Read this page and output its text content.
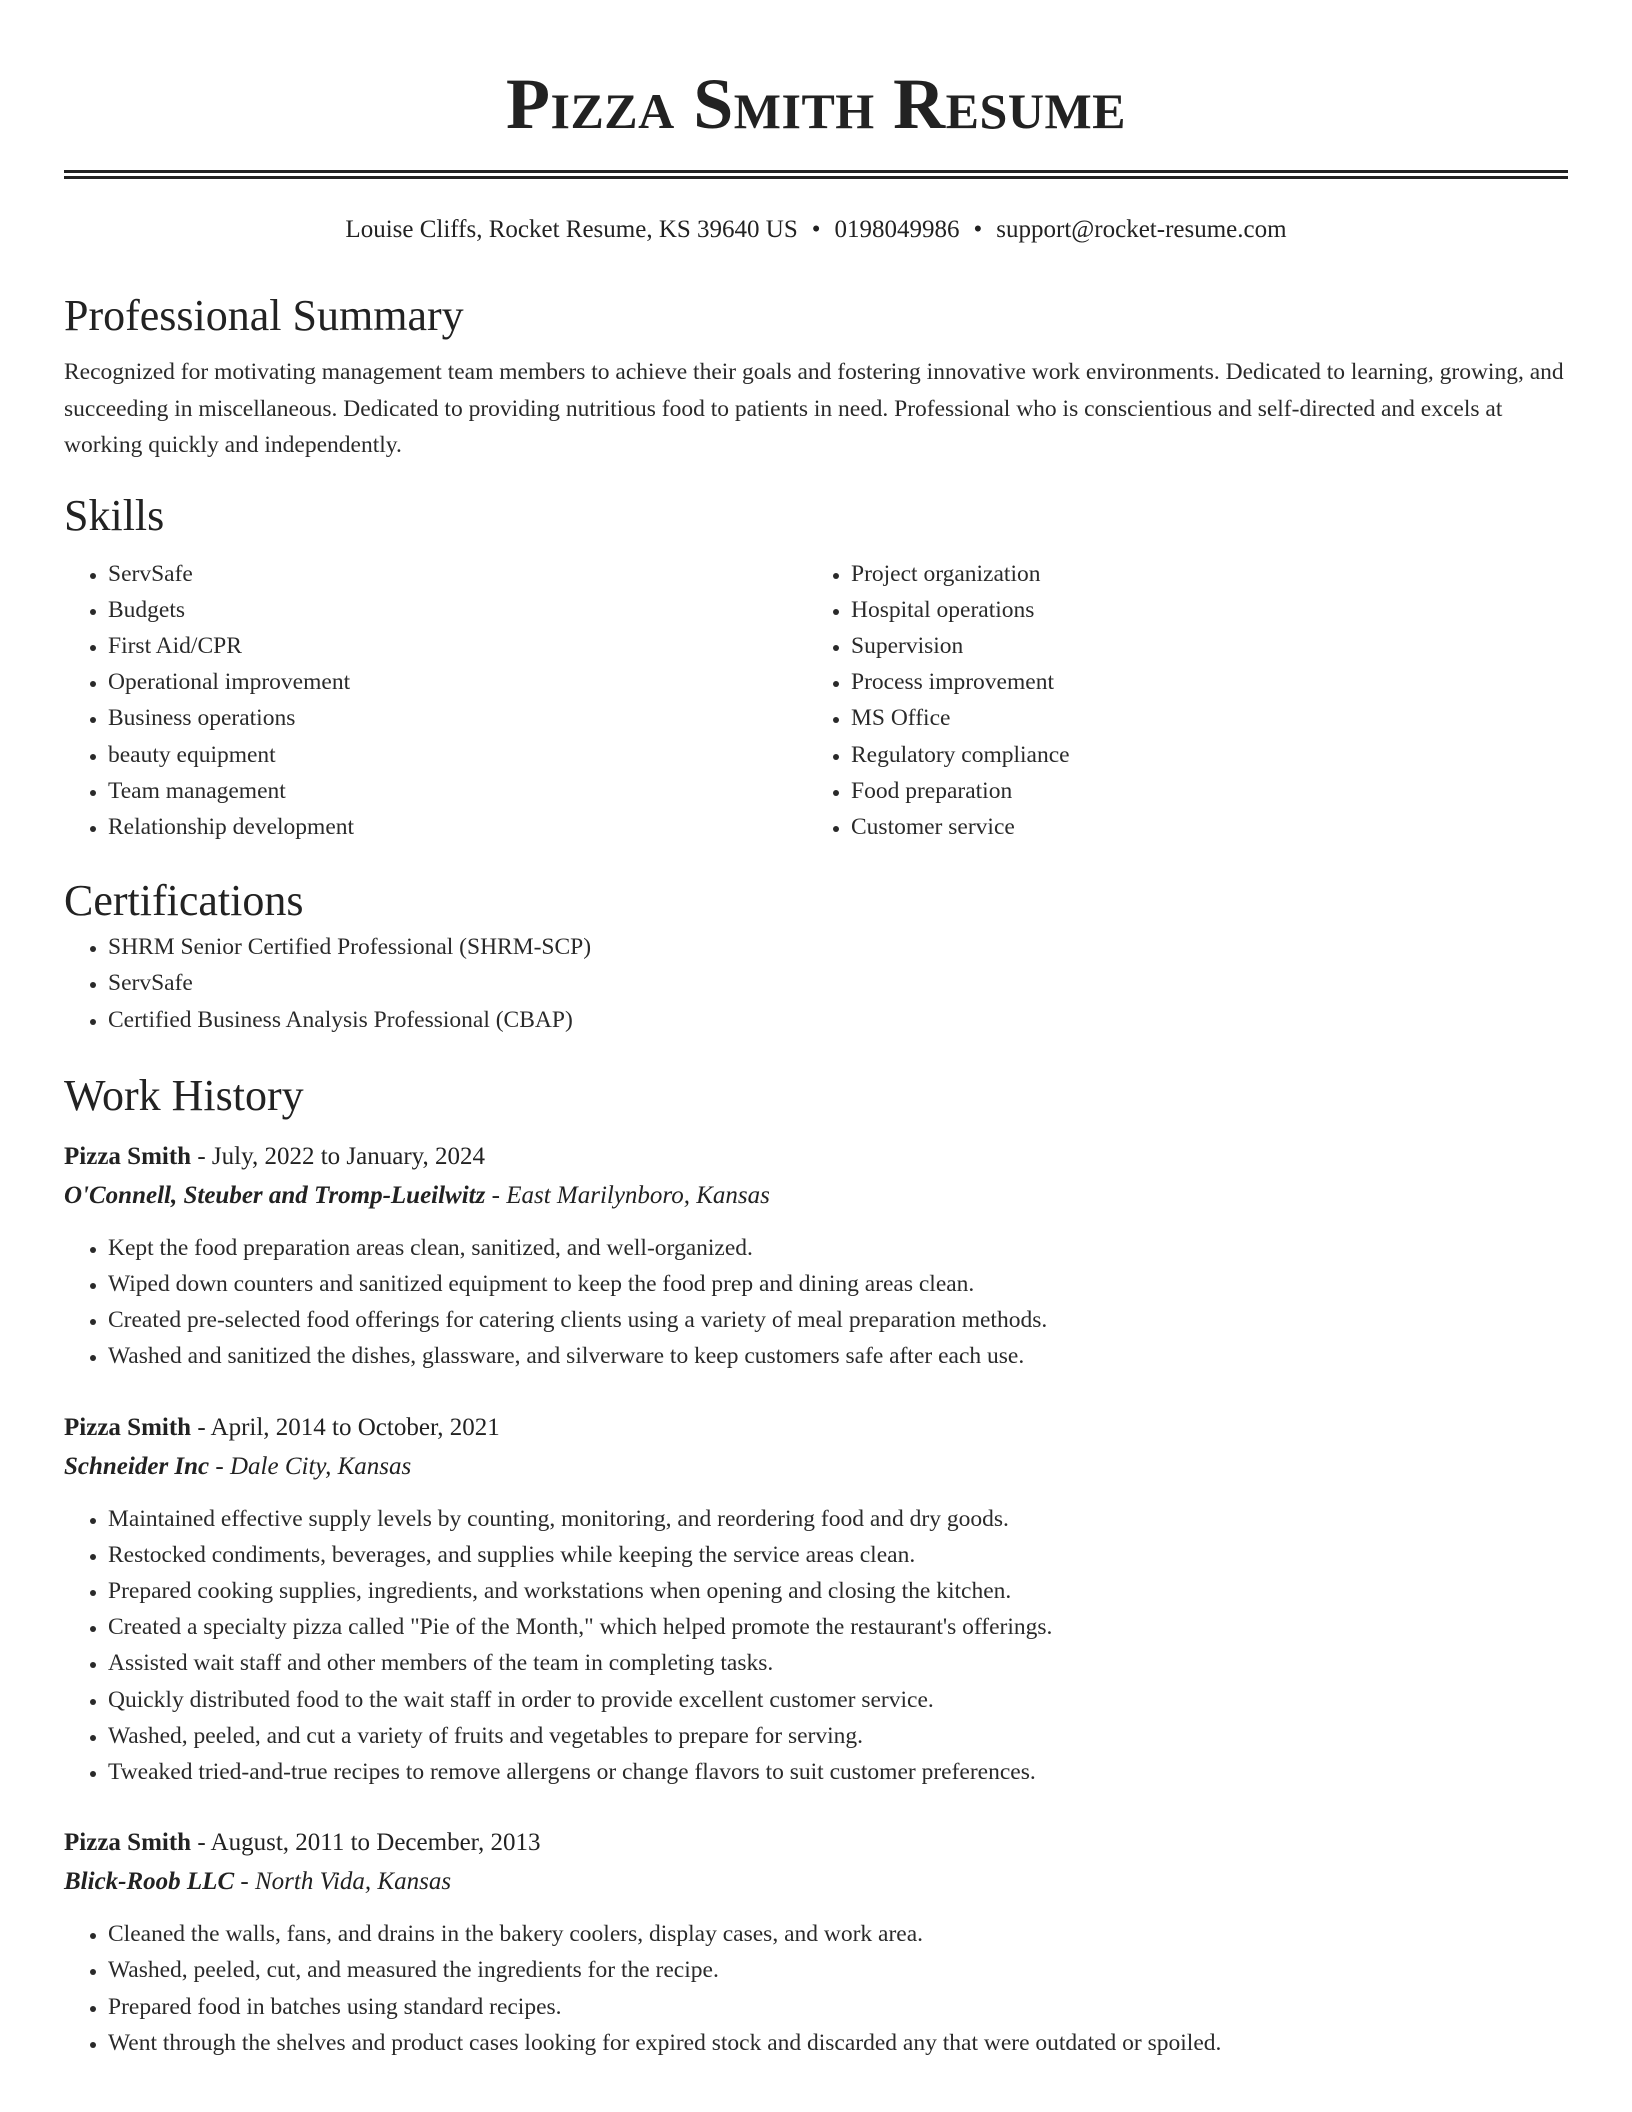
Pizza Smith Resume
Louise Cliffs, Rocket Resume, KS 39640 US • 0198049986 • support@rocket-resume.com
Professional Summary

Recognized for motivating management team members to achieve their goals and fostering innovative work environments. Dedicated to learning, growing, and succeeding in miscellaneous. Dedicated to providing nutritious food to patients in need. Professional who is conscientious and self-directed and excels at working quickly and independently.

Skills
• ServSafe
• Budgets
• First Aid/CPR
• Operational improvement
• Business operations
• beauty equipment
• Team management
• Relationship development
• Project organization
• Hospital operations
• Supervision
• Process improvement
• MS Office
• Regulatory compliance
• Food preparation
• Customer service
Certifications
• SHRM Senior Certified Professional (SHRM-SCP)
• ServSafe
• Certified Business Analysis Professional (CBAP)
Work History
Pizza Smith - July, 2022 to January, 2024
O'Connell, Steuber and Tromp-Lueilwitz - East Marilynboro, Kansas
• Kept the food preparation areas clean, sanitized, and well-organized.
• Wiped down counters and sanitized equipment to keep the food prep and dining areas clean.
• Created pre-selected food offerings for catering clients using a variety of meal preparation methods.
• Washed and sanitized the dishes, glassware, and silverware to keep customers safe after each use.
Pizza Smith - April, 2014 to October, 2021
Schneider Inc - Dale City, Kansas
• Maintained effective supply levels by counting, monitoring, and reordering food and dry goods.
• Restocked condiments, beverages, and supplies while keeping the service areas clean.
• Prepared cooking supplies, ingredients, and workstations when opening and closing the kitchen.
• Created a specialty pizza called "Pie of the Month," which helped promote the restaurant's offerings.
• Assisted wait staff and other members of the team in completing tasks.
• Quickly distributed food to the wait staff in order to provide excellent customer service.
• Washed, peeled, and cut a variety of fruits and vegetables to prepare for serving.
• Tweaked tried-and-true recipes to remove allergens or change flavors to suit customer preferences.
Pizza Smith - August, 2011 to December, 2013
Blick-Roob LLC - North Vida, Kansas
• Cleaned the walls, fans, and drains in the bakery coolers, display cases, and work area.
• Washed, peeled, cut, and measured the ingredients for the recipe.
• Prepared food in batches using standard recipes.
• Went through the shelves and product cases looking for expired stock and discarded any that were outdated or spoiled.
